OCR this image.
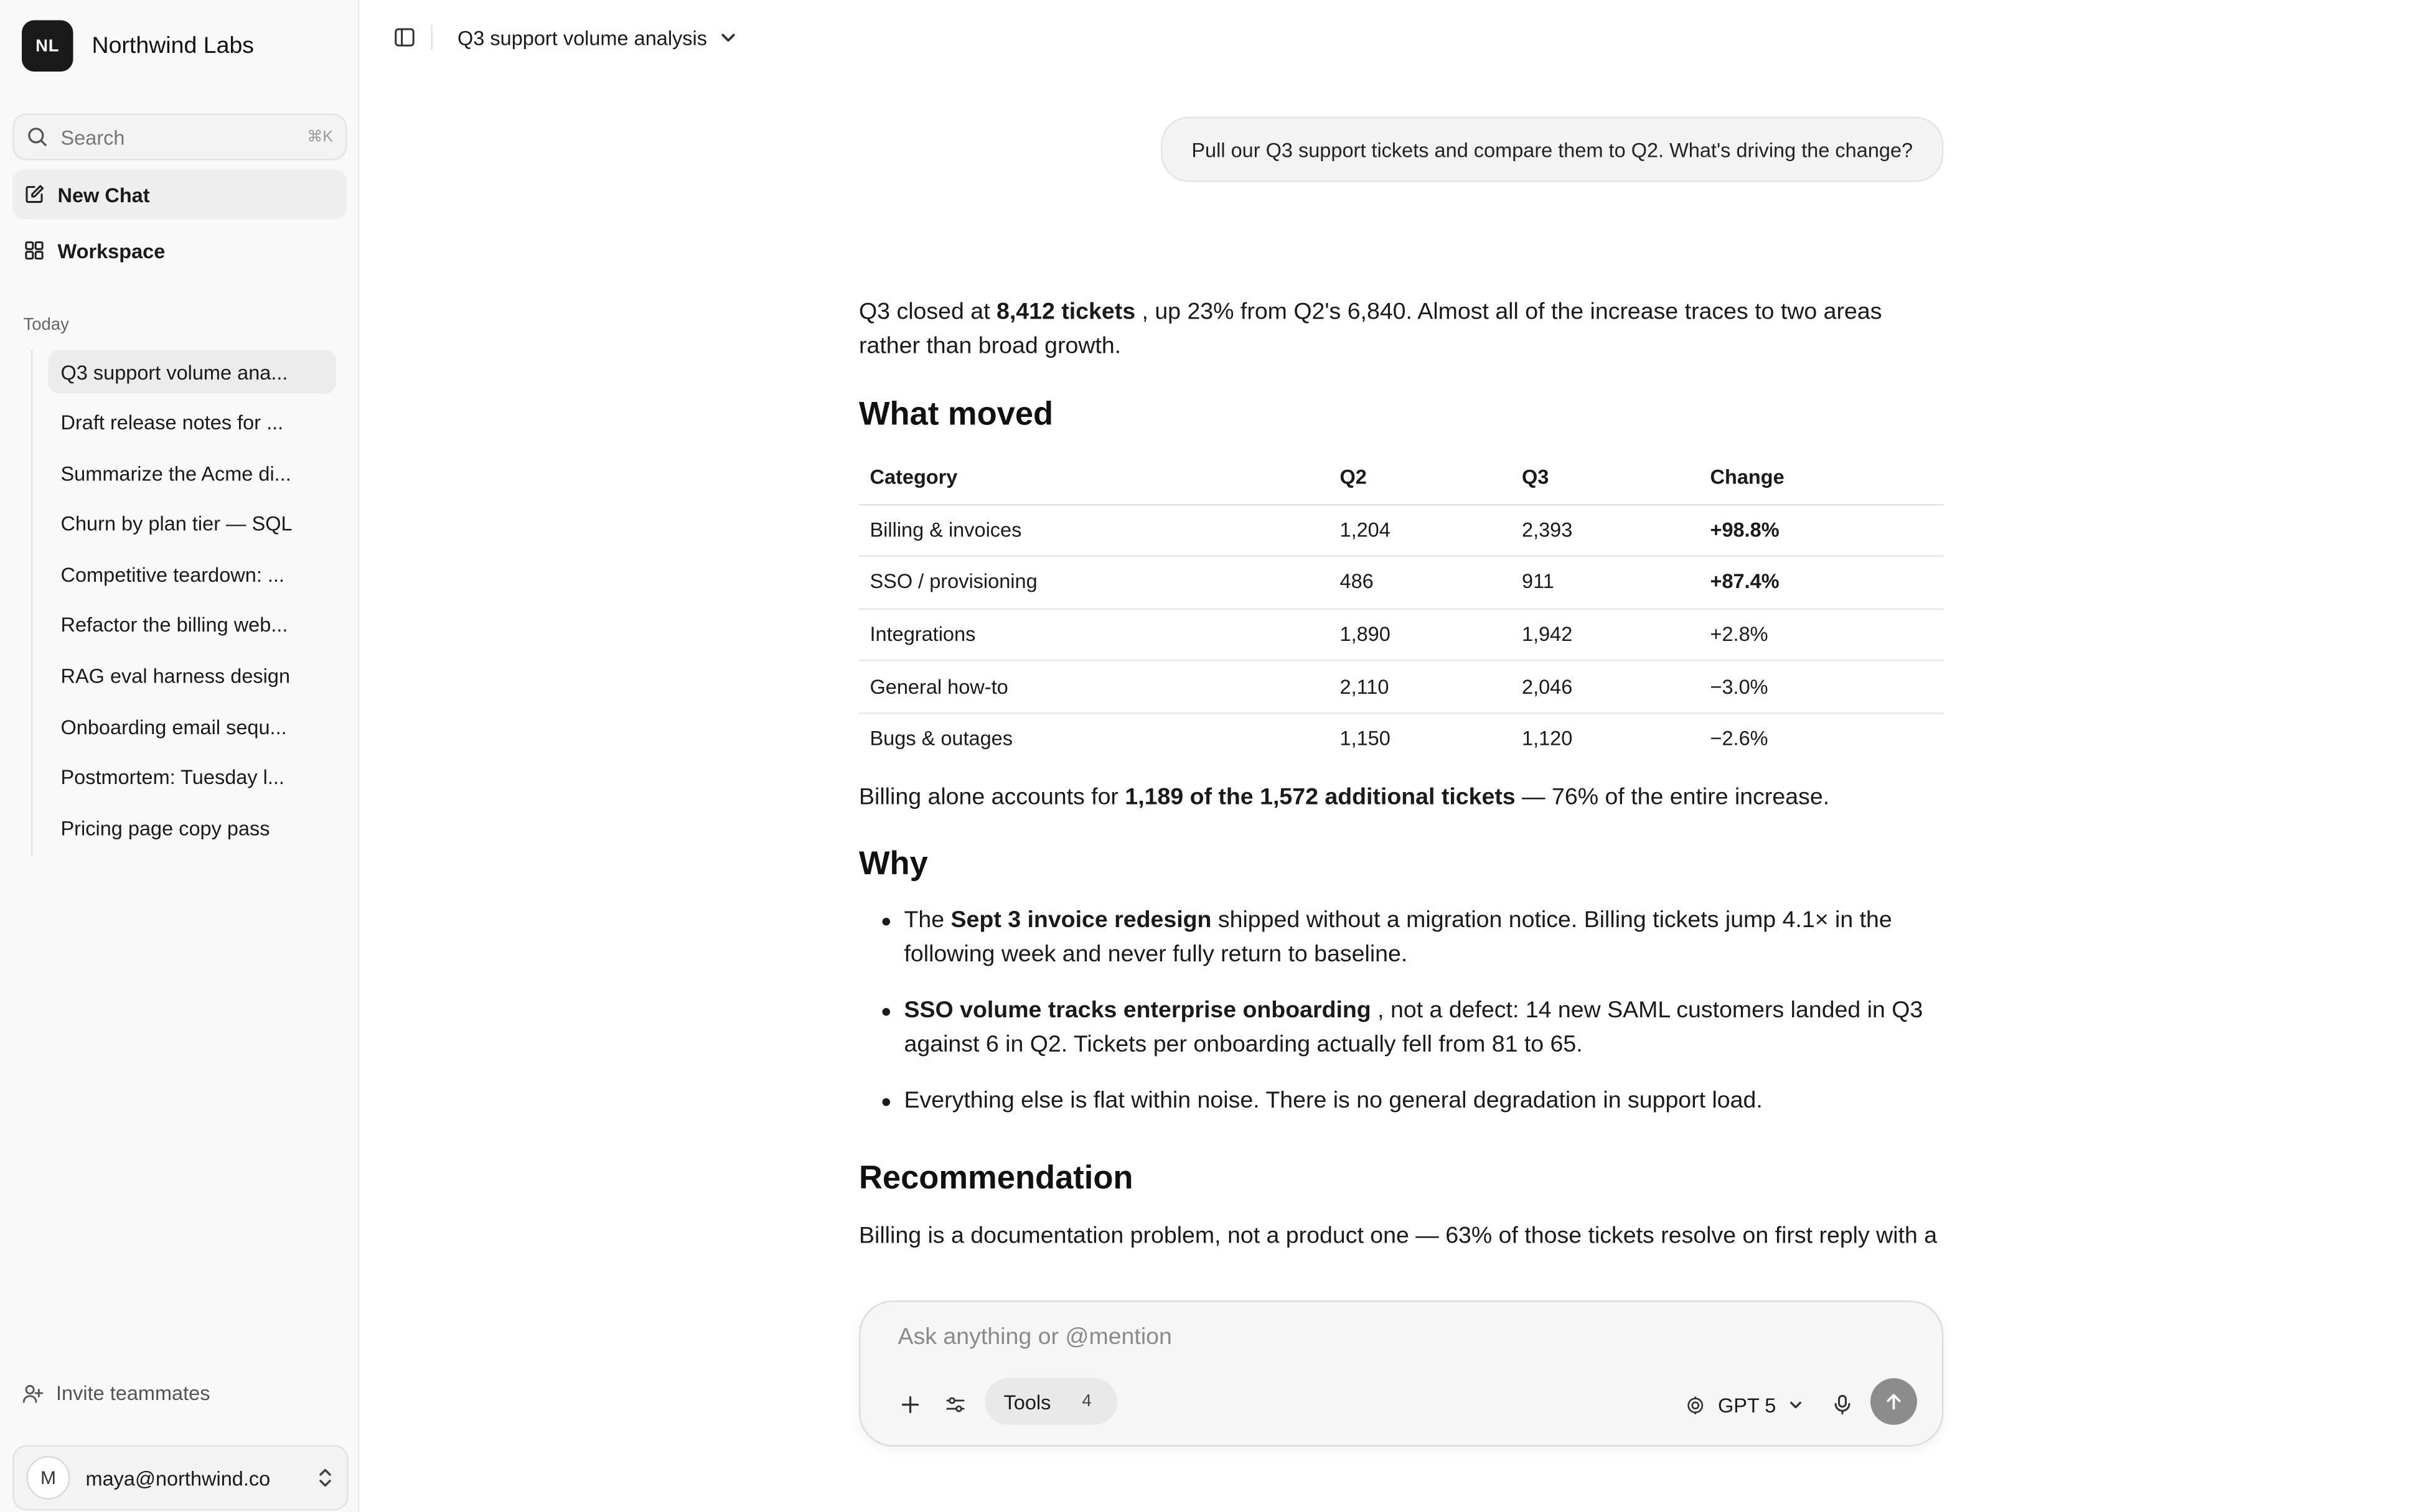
NL	Northwind Labs
Search	⌘K
New Chat
Workspace
Today
Q3 support volume ana...
Draft release notes for ...
Summarize the Acme di...
Churn by plan tier — SQL
Competitive teardown: ...
Refactor the billing web...
RAG eval harness design
Onboarding email sequ...
Postmortem: Tuesday l...
Pricing page copy pass
Invite teammates
M	maya@northwind.co
Q3 support volume analysis
Pull our Q3 support tickets and compare them to Q2. What's driving the change?

Q3 closed at 8,412 tickets , up 23% from Q2's 6,840. Almost all of the increase traces to two areas rather than broad growth.

What moved
Category	Q2	Q3	Change
Billing & invoices	1,204	2,393	+98.8%
SSO / provisioning	486	911	+87.4%
Integrations	1,890	1,942	+2.8%
General how-to	2,110	2,046	−3.0%
Bugs & outages	1,150	1,120	−2.6%

Billing alone accounts for 1,189 of the 1,572 additional tickets — 76% of the entire increase.

Why
The Sept 3 invoice redesign shipped without a migration notice. Billing tickets jump 4.1× in the following week and never fully return to baseline.
SSO volume tracks enterprise onboarding , not a defect: 14 new SAML customers landed in Q3 against 6 in Q2. Tickets per onboarding actually fell from 81 to 65.
Everything else is flat within noise. There is no general degradation in support load.
Recommendation

Billing is a documentation problem, not a product one — 63% of those tickets resolve on first reply with a

Ask anything or @mention
Tools	4	GPT 5
